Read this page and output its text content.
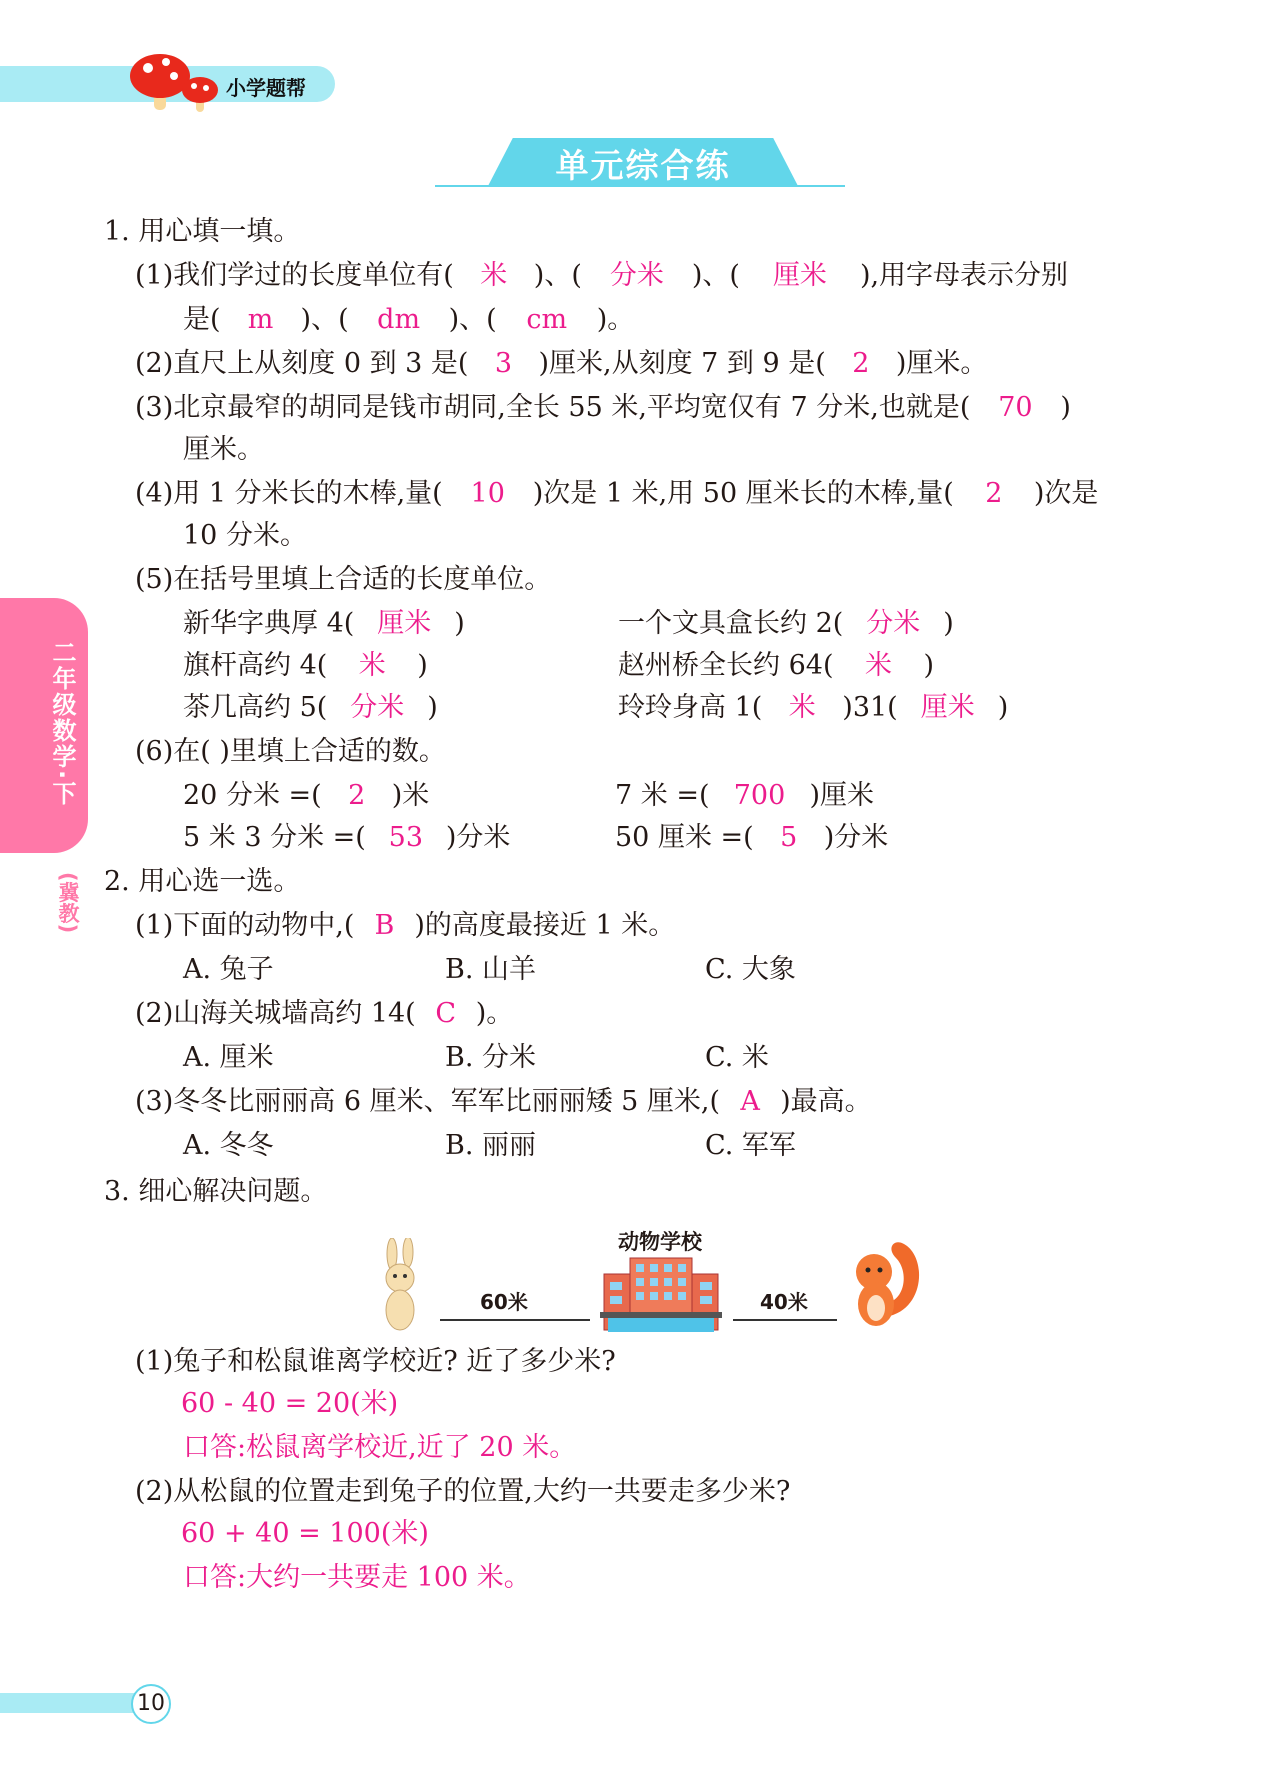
小学题帮
单元综合练
二年级数学·下
(冀教)
1. 用心填一填。
(1)我们学过的长度单位有( 米 )、( 分米 )、( 厘米 ),用字母表示分别
是( m )、( dm )、( cm )。
(2)直尺上从刻度 0 到 3 是( 3 )厘米,从刻度 7 到 9 是( 2 )厘米。
(3)北京最窄的胡同是钱市胡同,全长 55 米,平均宽仅有 7 分米,也就是( 70 )
厘米。
(4)用 1 分米长的木棒,量( 10 )次是 1 米,用 50 厘米长的木棒,量( 2 )次是
10 分米。
(5)在括号里填上合适的长度单位。
新华字典厚 4( 厘米 )	一个文具盒长约 2( 分米 )
旗杆高约 4( 米 )	赵州桥全长约 64( 米 )
茶几高约 5( 分米 )	玲玲身高 1( 米 )31( 厘米 )
(6)在( )里填上合适的数。
20 分米 =( 2 )米	7 米 =( 700 )厘米
5 米 3 分米 =( 53 )分米	50 厘米 =( 5 )分米
2. 用心选一选。
(1)下面的动物中,( B )的高度最接近 1 米。
A. 兔子	B. 山羊	C. 大象
(2)山海关城墙高约 14( C )。
A. 厘米	B. 分米	C. 米
(3)冬冬比丽丽高 6 厘米、军军比丽丽矮 5 厘米,( A )最高。
A. 冬冬	B. 丽丽	C. 军军
3. 细心解决问题。
60米
动物学校
40米
(1)兔子和松鼠谁离学校近? 近了多少米?
60 - 40 = 20(米)
口答:松鼠离学校近,近了 20 米。
(2)从松鼠的位置走到兔子的位置,大约一共要走多少米?
60 + 40 = 100(米)
口答:大约一共要走 100 米。
10
